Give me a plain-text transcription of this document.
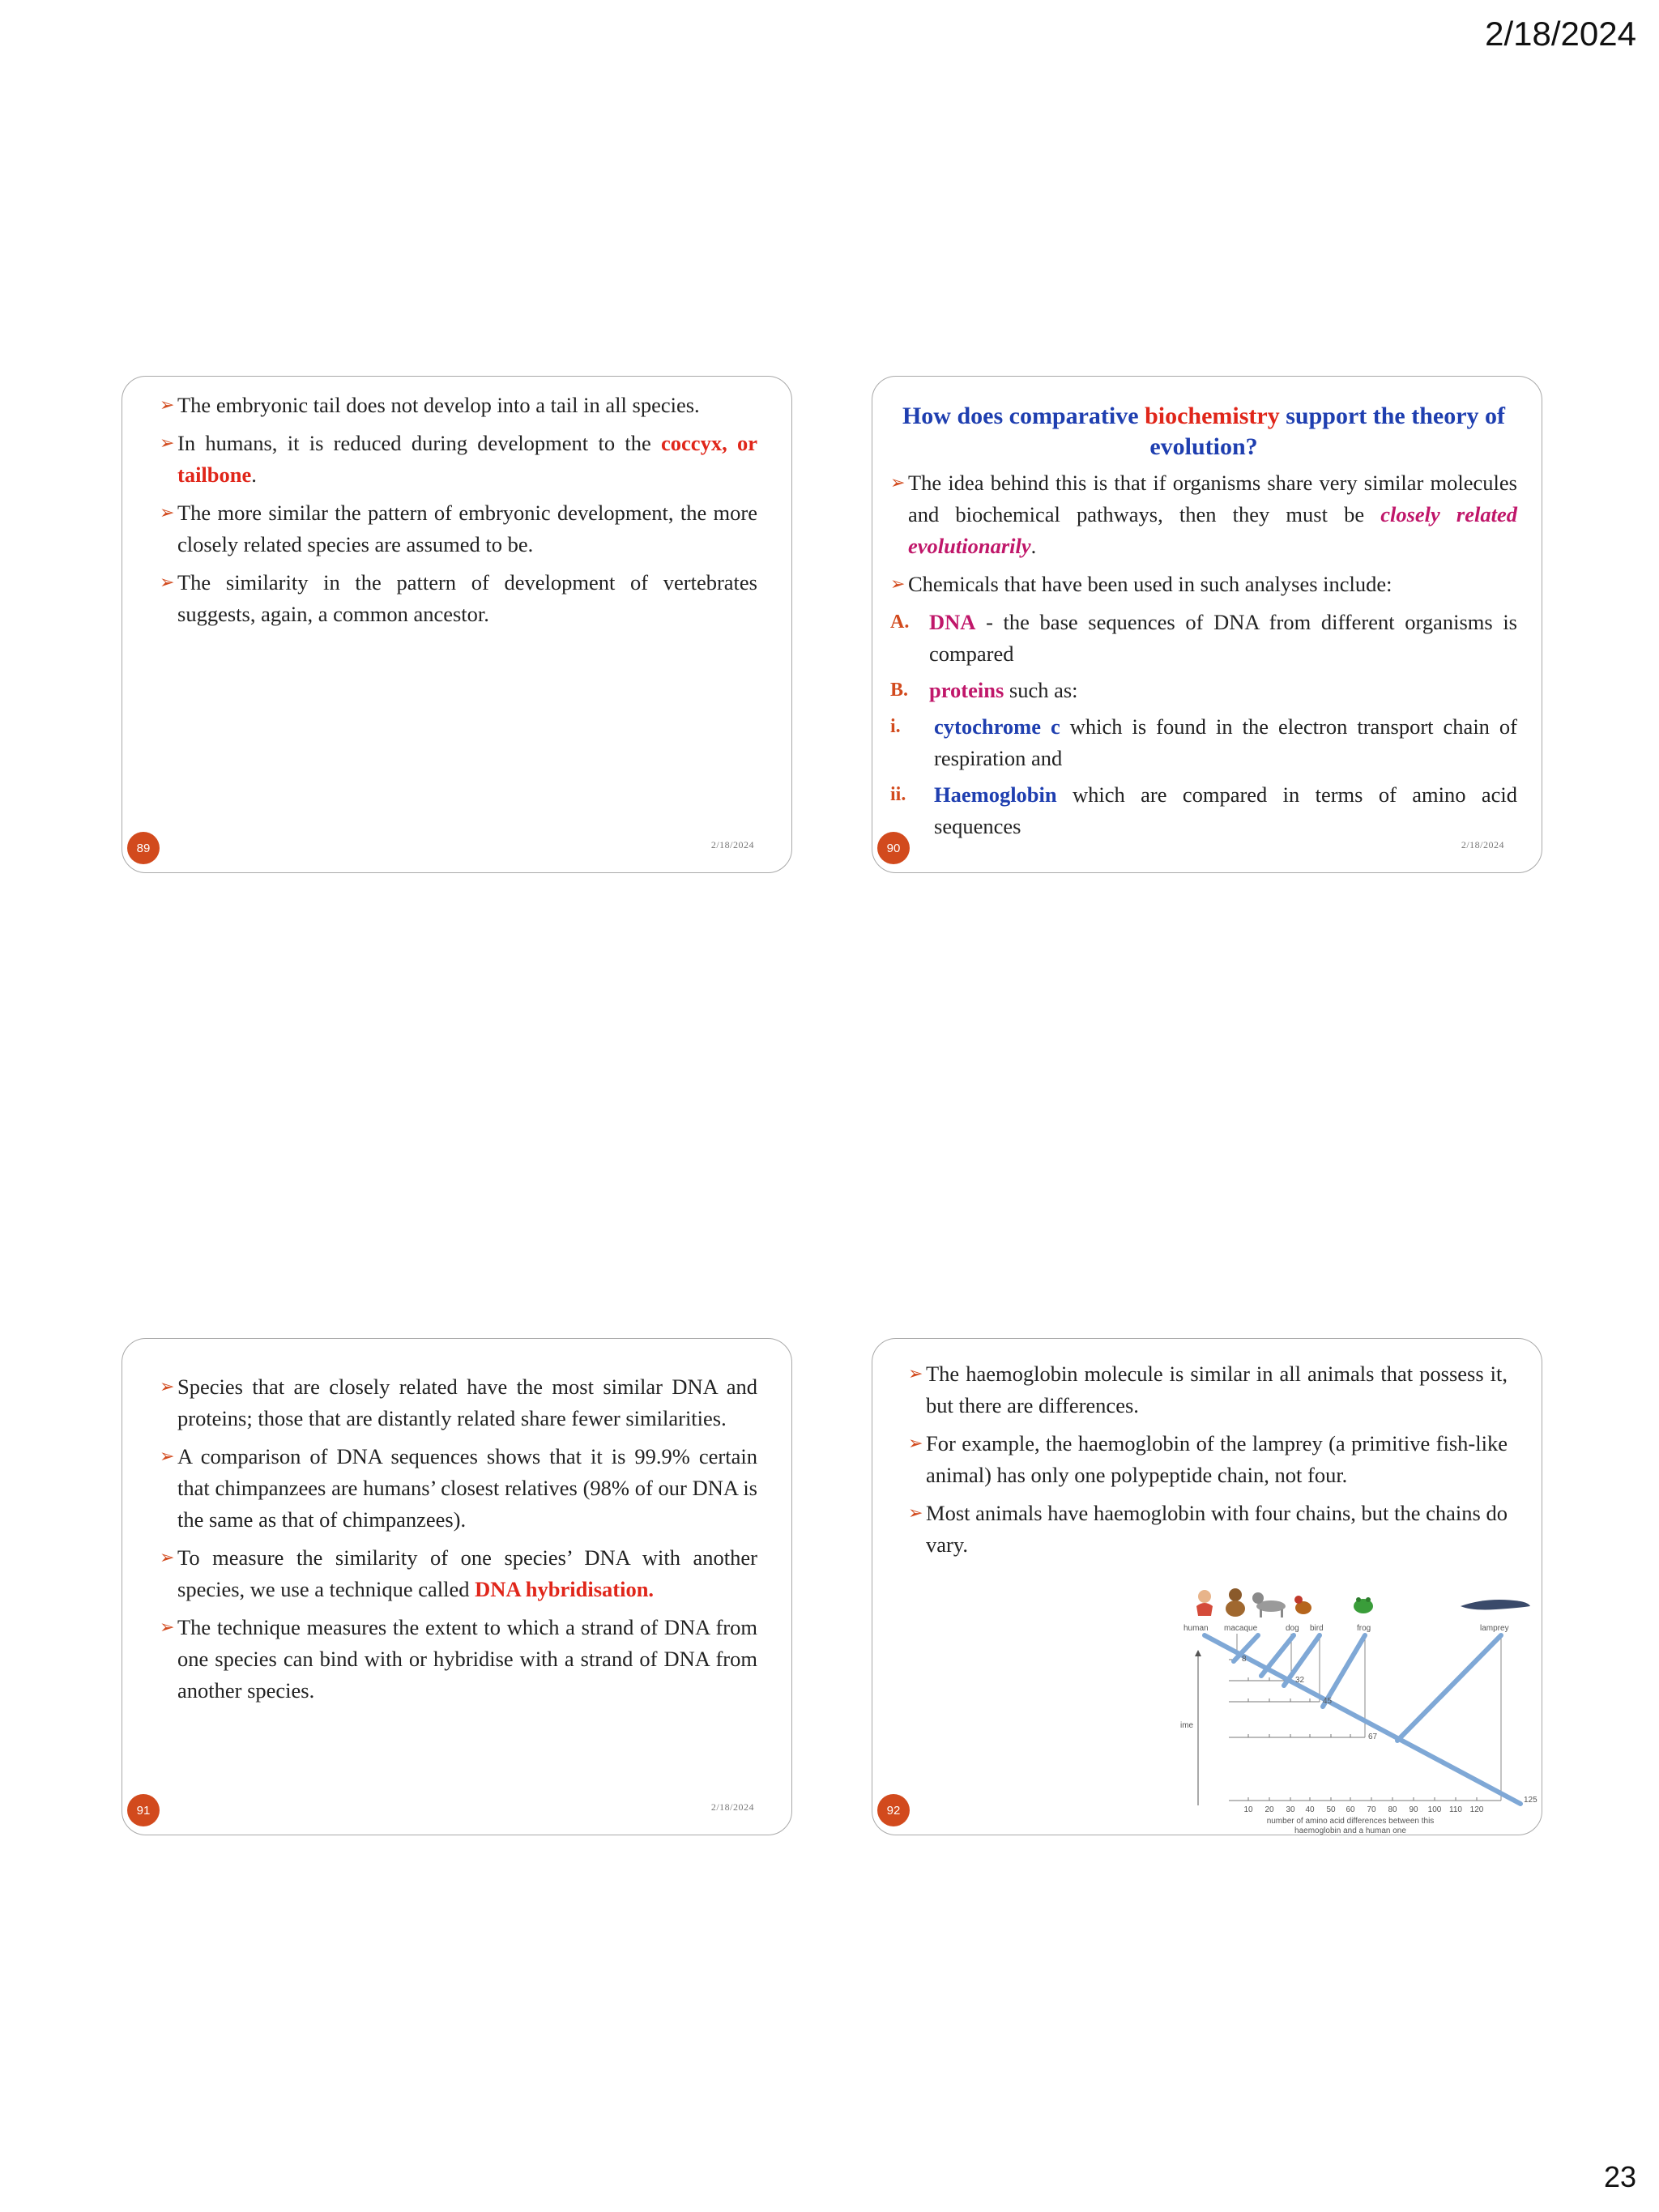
2/18/2024
23
➢ The embryonic tail does not develop into a tail in all species.
➢ In humans, it is reduced during development to the coccyx, or tailbone.
➢ The more similar the pattern of embryonic development, the more closely related species are assumed to be.
➢ The similarity in the pattern of development of vertebrates suggests, again, a common ancestor.
89	2/18/2024
How does comparative biochemistry support the theory of evolution?
➢ The idea behind this is that if organisms share very similar molecules and biochemical pathways, then they must be closely related evolutionarily.
➢ Chemicals that have been used in such analyses include:
A. DNA - the base sequences of DNA from different organisms is compared
B. proteins such as:
i. cytochrome c which is found in the electron transport chain of respiration and
ii. Haemoglobin which are compared in terms of amino acid sequences
90	2/18/2024
➢ Species that are closely related have the most similar DNA and proteins; those that are distantly related share fewer similarities.
➢ A comparison of DNA sequences shows that it is 99.9% certain that chimpanzees are humans’ closest relatives (98% of our DNA is the same as that of chimpanzees).
➢ To measure the similarity of one species’ DNA with another species, we use a technique called DNA hybridisation.
➢ The technique measures the extent to which a strand of DNA from one species can bind with or hybridise with a strand of DNA from another species.
91	2/18/2024
➢ The haemoglobin molecule is similar in all animals that possess it, but there are differences.
➢ For example, the haemoglobin of the lamprey (a primitive fish-like animal) has only one polypeptide chain, not four.
➢ Most animals have haemoglobin with four chains, but the chains do vary.
human macaque	dog bird	frog	lamprey
ime
8
32
45
67
125
10 20 30 40 50 60 70 80 90 100 110 120
number of amino acid differences between this
haemoglobin and a human one
92
